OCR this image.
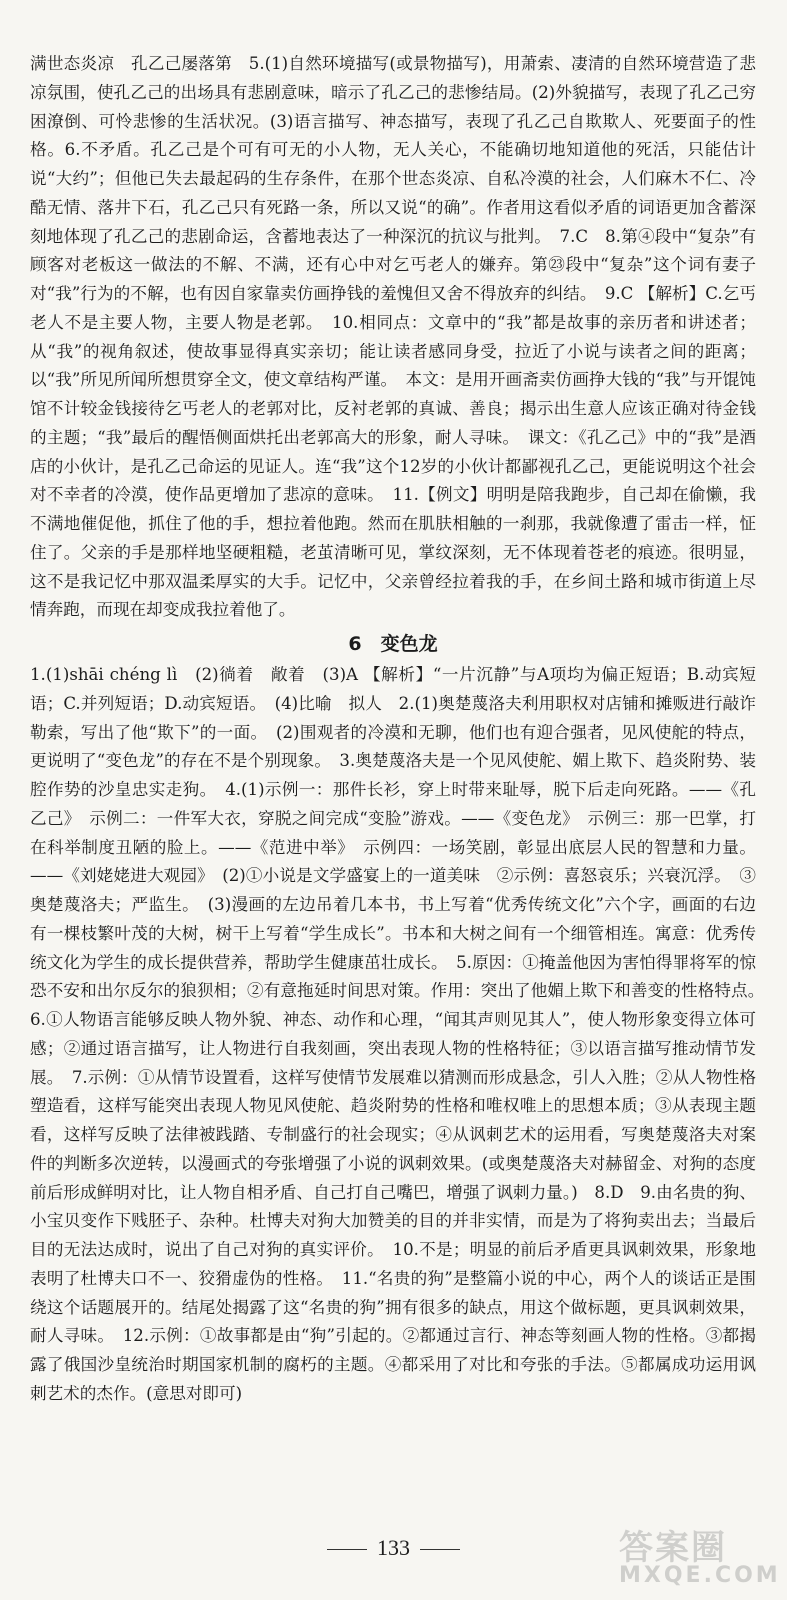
满世态炎凉　孔乙己屡落第　5.(1)自然环境描写(或景物描写)，用萧索、凄清的自然环境营造了悲凉氛围，使孔乙己的出场具有悲剧意味，暗示了孔乙己的悲惨结局。(2)外貌描写，表现了孔乙己穷困潦倒、可怜悲惨的生活状况。(3)语言描写、神态描写，表现了孔乙己自欺欺人、死要面子的性格。6.不矛盾。孔乙己是个可有可无的小人物，无人关心，不能确切地知道他的死活，只能估计说“大约”；但他已失去最起码的生存条件，在那个世态炎凉、自私冷漠的社会，人们麻木不仁、冷酷无情、落井下石，孔乙己只有死路一条，所以又说“的确”。作者用这看似矛盾的词语更加含蓄深刻地体现了孔乙己的悲剧命运，含蓄地表达了一种深沉的抗议与批判。　7.C　8.第④段中“复杂”有顾客对老板这一做法的不解、不满，还有心中对乞丐老人的嫌弃。第㉓段中“复杂”这个词有妻子对“我”行为的不解，也有因自家靠卖仿画挣钱的羞愧但又舍不得放弃的纠结。　9.C 【解析】C.乞丐老人不是主要人物，主要人物是老郭。　10.相同点：文章中的“我”都是故事的亲历者和讲述者；从“我”的视角叙述，使故事显得真实亲切；能让读者感同身受，拉近了小说与读者之间的距离；以“我”所见所闻所想贯穿全文，使文章结构严谨。　本文：是用开画斋卖仿画挣大钱的“我”与开馄饨馆不计较金钱接待乞丐老人的老郭对比，反衬老郭的真诚、善良；揭示出生意人应该正确对待金钱的主题；“我”最后的醒悟侧面烘托出老郭高大的形象，耐人寻味。　课文：《孔乙己》中的“我”是酒店的小伙计，是孔乙己命运的见证人。连“我”这个12岁的小伙计都鄙视孔乙己，更能说明这个社会对不幸者的冷漠，使作品更增加了悲凉的意味。　11.【例文】明明是陪我跑步，自己却在偷懒，我不满地催促他，抓住了他的手，想拉着他跑。然而在肌肤相触的一刹那，我就像遭了雷击一样，怔住了。父亲的手是那样地坚硬粗糙，老茧清晰可见，掌纹深刻，无不体现着苍老的痕迹。很明显，这不是我记忆中那双温柔厚实的大手。记忆中，父亲曾经拉着我的手，在乡间土路和城市街道上尽情奔跑，而现在却变成我拉着他了。

6　变色龙

1.(1)shāi chéng lì　(2)徜着　敞着　(3)A 【解析】“一片沉静”与A项均为偏正短语；B.动宾短语；C.并列短语；D.动宾短语。　(4)比喻　拟人　2.(1)奥楚蔑洛夫利用职权对店铺和摊贩进行敲诈勒索，写出了他“欺下”的一面。　(2)围观者的冷漠和无聊，他们也有迎合强者，见风使舵的特点，更说明了“变色龙”的存在不是个别现象。　3.奥楚蔑洛夫是一个见风使舵、媚上欺下、趋炎附势、装腔作势的沙皇忠实走狗。　4.(1)示例一：那件长衫，穿上时带来耻辱，脱下后走向死路。——《孔乙己》　示例二：一件军大衣，穿脱之间完成“变脸”游戏。——《变色龙》　示例三：那一巴掌，打在科举制度丑陋的脸上。——《范进中举》　示例四：一场笑剧，彰显出底层人民的智慧和力量。——《刘姥姥进大观园》　(2)①小说是文学盛宴上的一道美味　②示例：喜怒哀乐；兴衰沉浮。　③奥楚蔑洛夫；严监生。　(3)漫画的左边吊着几本书，书上写着“优秀传统文化”六个字，画面的右边有一棵枝繁叶茂的大树，树干上写着“学生成长”。书本和大树之间有一个细管相连。寓意：优秀传统文化为学生的成长提供营养，帮助学生健康茁壮成长。　5.原因：①掩盖他因为害怕得罪将军的惊恐不安和出尔反尔的狼狈相；②有意拖延时间思对策。作用：突出了他媚上欺下和善变的性格特点。　6.①人物语言能够反映人物外貌、神态、动作和心理，“闻其声则见其人”，使人物形象变得立体可感；②通过语言描写，让人物进行自我刻画，突出表现人物的性格特征；③以语言描写推动情节发展。　7.示例：①从情节设置看，这样写使情节发展难以猜测而形成悬念，引人入胜；②从人物性格塑造看，这样写能突出表现人物见风使舵、趋炎附势的性格和唯权唯上的思想本质；③从表现主题看，这样写反映了法律被践踏、专制盛行的社会现实；④从讽刺艺术的运用看，写奥楚蔑洛夫对案件的判断多次逆转，以漫画式的夸张增强了小说的讽刺效果。(或奥楚蔑洛夫对赫留金、对狗的态度前后形成鲜明对比，让人物自相矛盾、自己打自己嘴巴，增强了讽刺力量。)　8.D　9.由名贵的狗、小宝贝变作下贱胚子、杂种。杜博夫对狗大加赞美的目的并非实情，而是为了将狗卖出去；当最后目的无法达成时，说出了自己对狗的真实评价。　10.不是；明显的前后矛盾更具讽刺效果，形象地表明了杜博夫口不一、狡猾虚伪的性格。　11.“名贵的狗”是整篇小说的中心，两个人的谈话正是围绕这个话题展开的。结尾处揭露了这“名贵的狗”拥有很多的缺点，用这个做标题，更具讽刺效果，耐人寻味。　12.示例：①故事都是由“狗”引起的。②都通过言行、神态等刻画人物的性格。③都揭露了俄国沙皇统治时期国家机制的腐朽的主题。④都采用了对比和夸张的手法。⑤都属成功运用讽刺艺术的杰作。(意思对即可)

133	答案圈
MXQE.COM
